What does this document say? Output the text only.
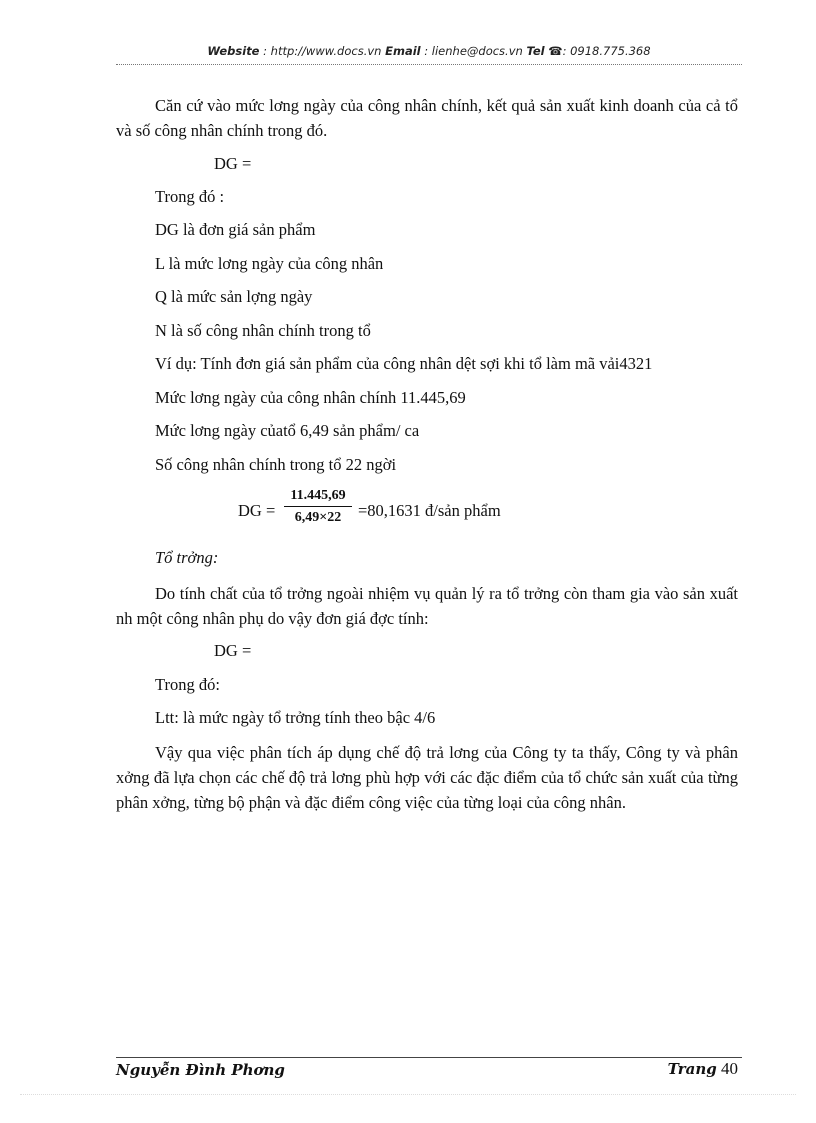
Website : http://www.docs.vn Email : lienhe@docs.vn Tel ☎: 0918.775.368
Căn cứ vào mức lơng ngày của công nhân chính, kết quả sản xuất kinh doanh của cả tổ và số công nhân chính trong đó.
DG =
Trong đó :
DG là đơn giá sản phẩm
L là mức lơng ngày của công nhân
Q là mức sản lợng ngày
N là số công nhân chính trong tổ
Ví dụ: Tính đơn giá sản phẩm của công nhân dệt sợi khi tổ làm mã vải4321
Mức lơng ngày của công nhân chính 11.445,69
Mức lơng ngày củatổ 6,49 sản phẩm/ ca
Số công nhân chính trong tổ 22 ngời
DG = $\frac{11.445,69}{6,49\times 22} =80,1631$ đ/sản phẩm
Tổ trởng:
Do tính chất của tổ trởng ngoài nhiệm vụ quản lý ra tổ trởng còn tham gia vào sản xuất nh một công nhân phụ do vậy đơn giá đợc tính:
DG =
Trong đó:
Ltt: là mức ngày tổ trởng tính theo bậc 4/6
Vậy qua việc phân tích áp dụng chế độ trả lơng của Công ty ta thấy, Công ty và phân xởng đã lựa chọn các chế độ trả lơng phù hợp với các đặc điểm của tổ chức sản xuất của từng phân xởng, từng bộ phận và đặc điểm công việc của từng loại của công nhân.
Nguyễn Đình Phơng	Trang 40
